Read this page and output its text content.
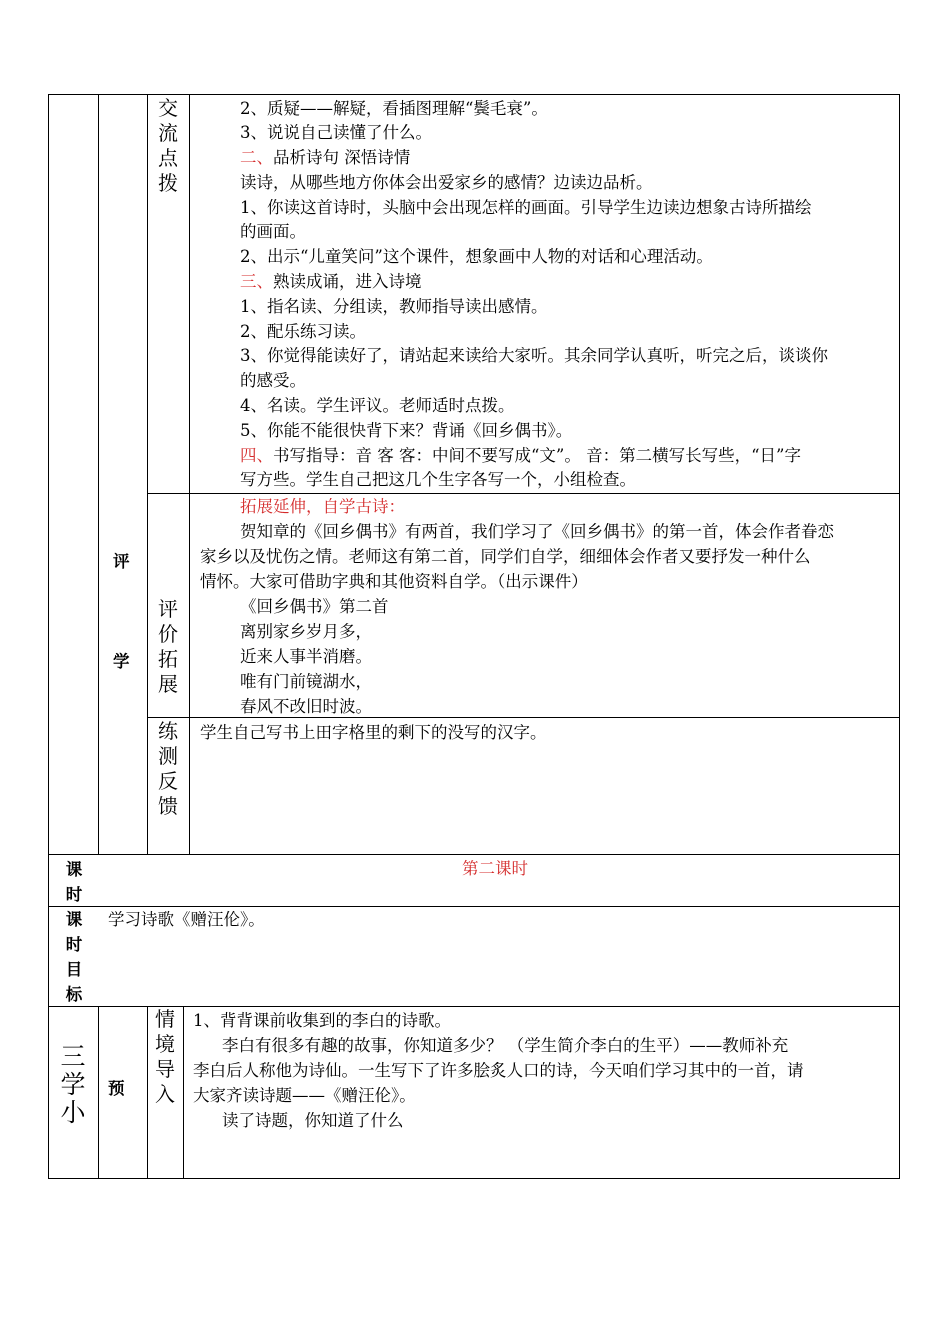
交
流
点
拨
2、质疑——解疑，看插图理解“鬓毛衰”。
3、说说自己读懂了什么。
二、品析诗句 深悟诗情
读诗，从哪些地方你体会出爱家乡的感情？边读边品析。
1、你读这首诗时，头脑中会出现怎样的画面。引导学生边读边想象古诗所描绘
的画面。
2、出示“儿童笑问”这个课件，想象画中人物的对话和心理活动。
三、熟读成诵，进入诗境
1、指名读、分组读，教师指导读出感情。
2、配乐练习读。
3、你觉得能读好了，请站起来读给大家听。其余同学认真听，听完之后，谈谈你
的感受。
4、名读。学生评议。老师适时点拨。
5、你能不能很快背下来？背诵《回乡偶书》。
四、书写指导：音 客 客：中间不要写成“文”。 音：第二横写长写些，“日”字
写方些。学生自己把这几个生字各写一个，小组检查。
评
学
评
价
拓
展
拓展延伸，自学古诗：
贺知章的《回乡偶书》有两首，我们学习了《回乡偶书》的第一首，体会作者眷恋
家乡以及忧伤之情。老师这有第二首，同学们自学，细细体会作者又要抒发一种什么
情怀。大家可借助字典和其他资料自学。（出示课件）
《回乡偶书》第二首
离别家乡岁月多，
近来人事半消磨。
唯有门前镜湖水，
春风不改旧时波。
练
测
反
馈
学生自己写书上田字格里的剩下的没写的汉字。
课
时
第二课时
课
时
目
标
学习诗歌《赠汪伦》。
三
学
小
预
情
境
导
入
1、背背课前收集到的李白的诗歌。
李白有很多有趣的故事，你知道多少？ （学生简介李白的生平）——教师补充
李白后人称他为诗仙。一生写下了许多脍炙人口的诗，今天咱们学习其中的一首，请
大家齐读诗题——《赠汪伦》。
读了诗题，你知道了什么
